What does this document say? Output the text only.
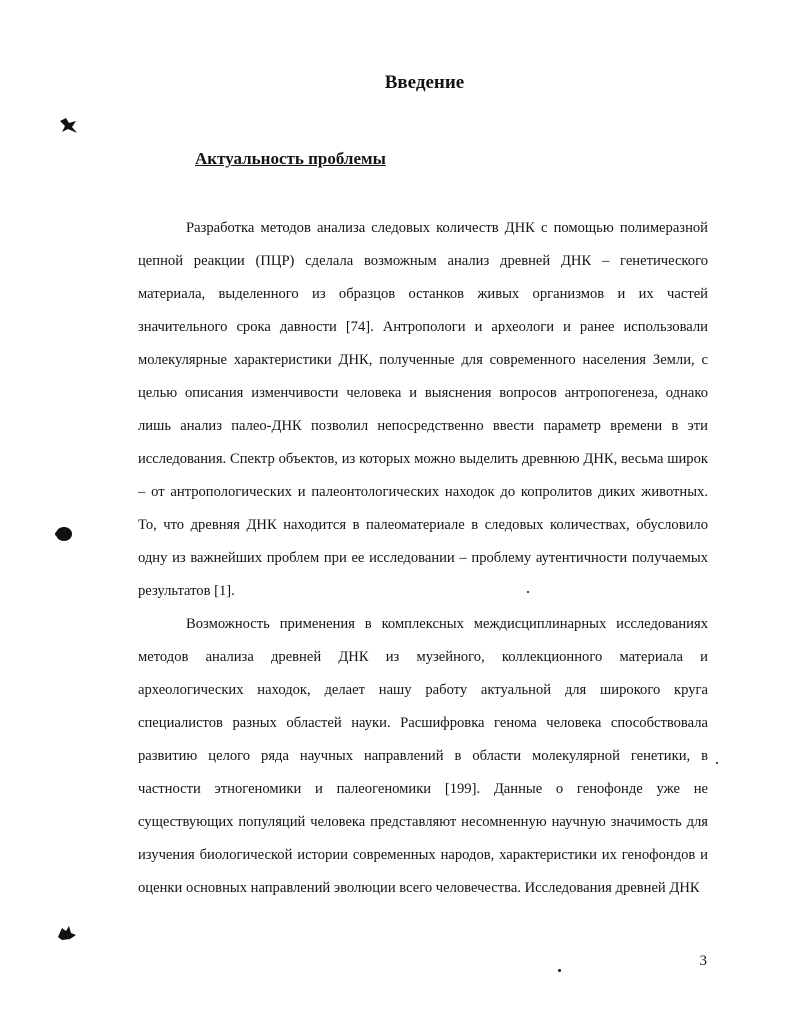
Введение
Актуальность проблемы

Разработка методов анализа следовых количеств ДНК с помощью полимеразной цепной реакции (ПЦР) сделала возможным анализ древней ДНК – генетического материала, выделенного из образцов останков живых организмов и их частей значительного срока давности [74]. Антропологи и археологи и ранее использовали молекулярные характеристики ДНК, полученные для современного населения Земли, с целью описания изменчивости человека и выяснения вопросов антропогенеза, однако лишь анализ палео-ДНК позволил непосредственно ввести параметр времени в эти исследования. Спектр объектов, из которых можно выделить древнюю ДНК, весьма широк – от антропологических и палеонтологических находок до копролитов диких животных. То, что древняя ДНК находится в палеоматериале в следовых количествах, обусловило одну из важнейших проблем при ее исследовании – проблему аутентичности получаемых результатов [1].

Возможность применения в комплексных междисциплинарных исследованиях методов анализа древней ДНК из музейного, коллекционного материала и археологических находок, делает нашу работу актуальной для широкого круга специалистов разных областей науки. Расшифровка генома человека способствовала развитию целого ряда научных направлений в области молекулярной генетики, в частности этногеномики и палеогеномики [199]. Данные о генофонде уже не существующих популяций человека представляют несомненную научную значимость для изучения биологической истории современных народов, характеристики их генофондов и оценки основных направлений эволюции всего человечества. Исследования древней ДНК

3
